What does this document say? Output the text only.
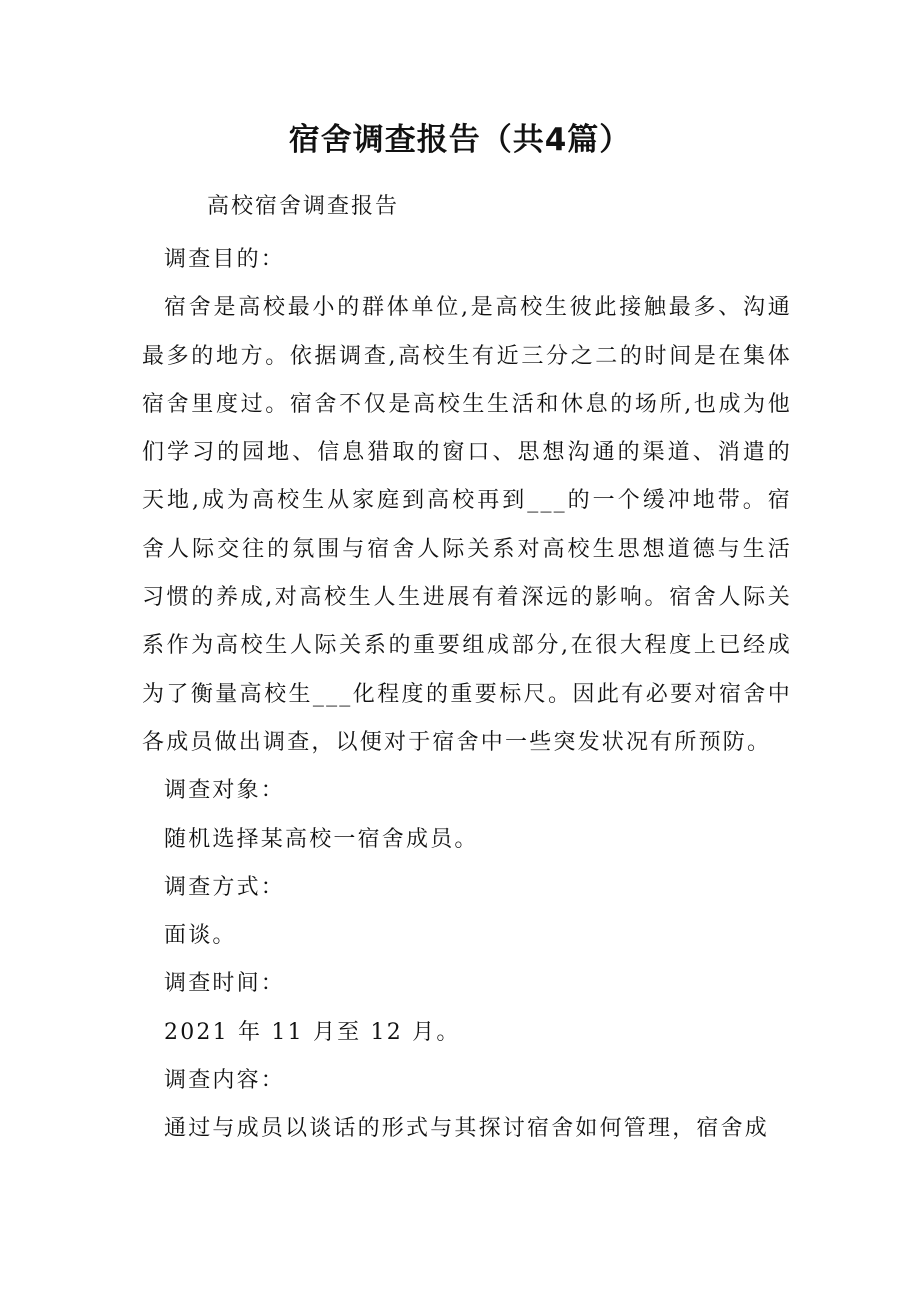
宿舍调查报告（共4篇）
高校宿舍调查报告

调查目的：

宿舍是高校最小的群体单位,是高校生彼此接触最多、沟通最多的地方。依据调查,高校生有近三分之二的时间是在集体宿舍里度过。宿舍不仅是高校生生活和休息的场所,也成为他们学习的园地、信息猎取的窗口、思想沟通的渠道、消遣的天地,成为高校生从家庭到高校再到___的一个缓冲地带。宿舍人际交往的氛围与宿舍人际关系对高校生思想道德与生活习惯的养成,对高校生人生进展有着深远的影响。宿舍人际关系作为高校生人际关系的重要组成部分,在很大程度上已经成为了衡量高校生___化程度的重要标尺。因此有必要对宿舍中各成员做出调查，以便对于宿舍中一些突发状况有所预防。

调查对象：

随机选择某高校一宿舍成员。

调查方式：

面谈。

调查时间：

2021 年 11 月至 12 月。

调查内容：

通过与成员以谈话的形式与其探讨宿舍如何管理，宿舍成
